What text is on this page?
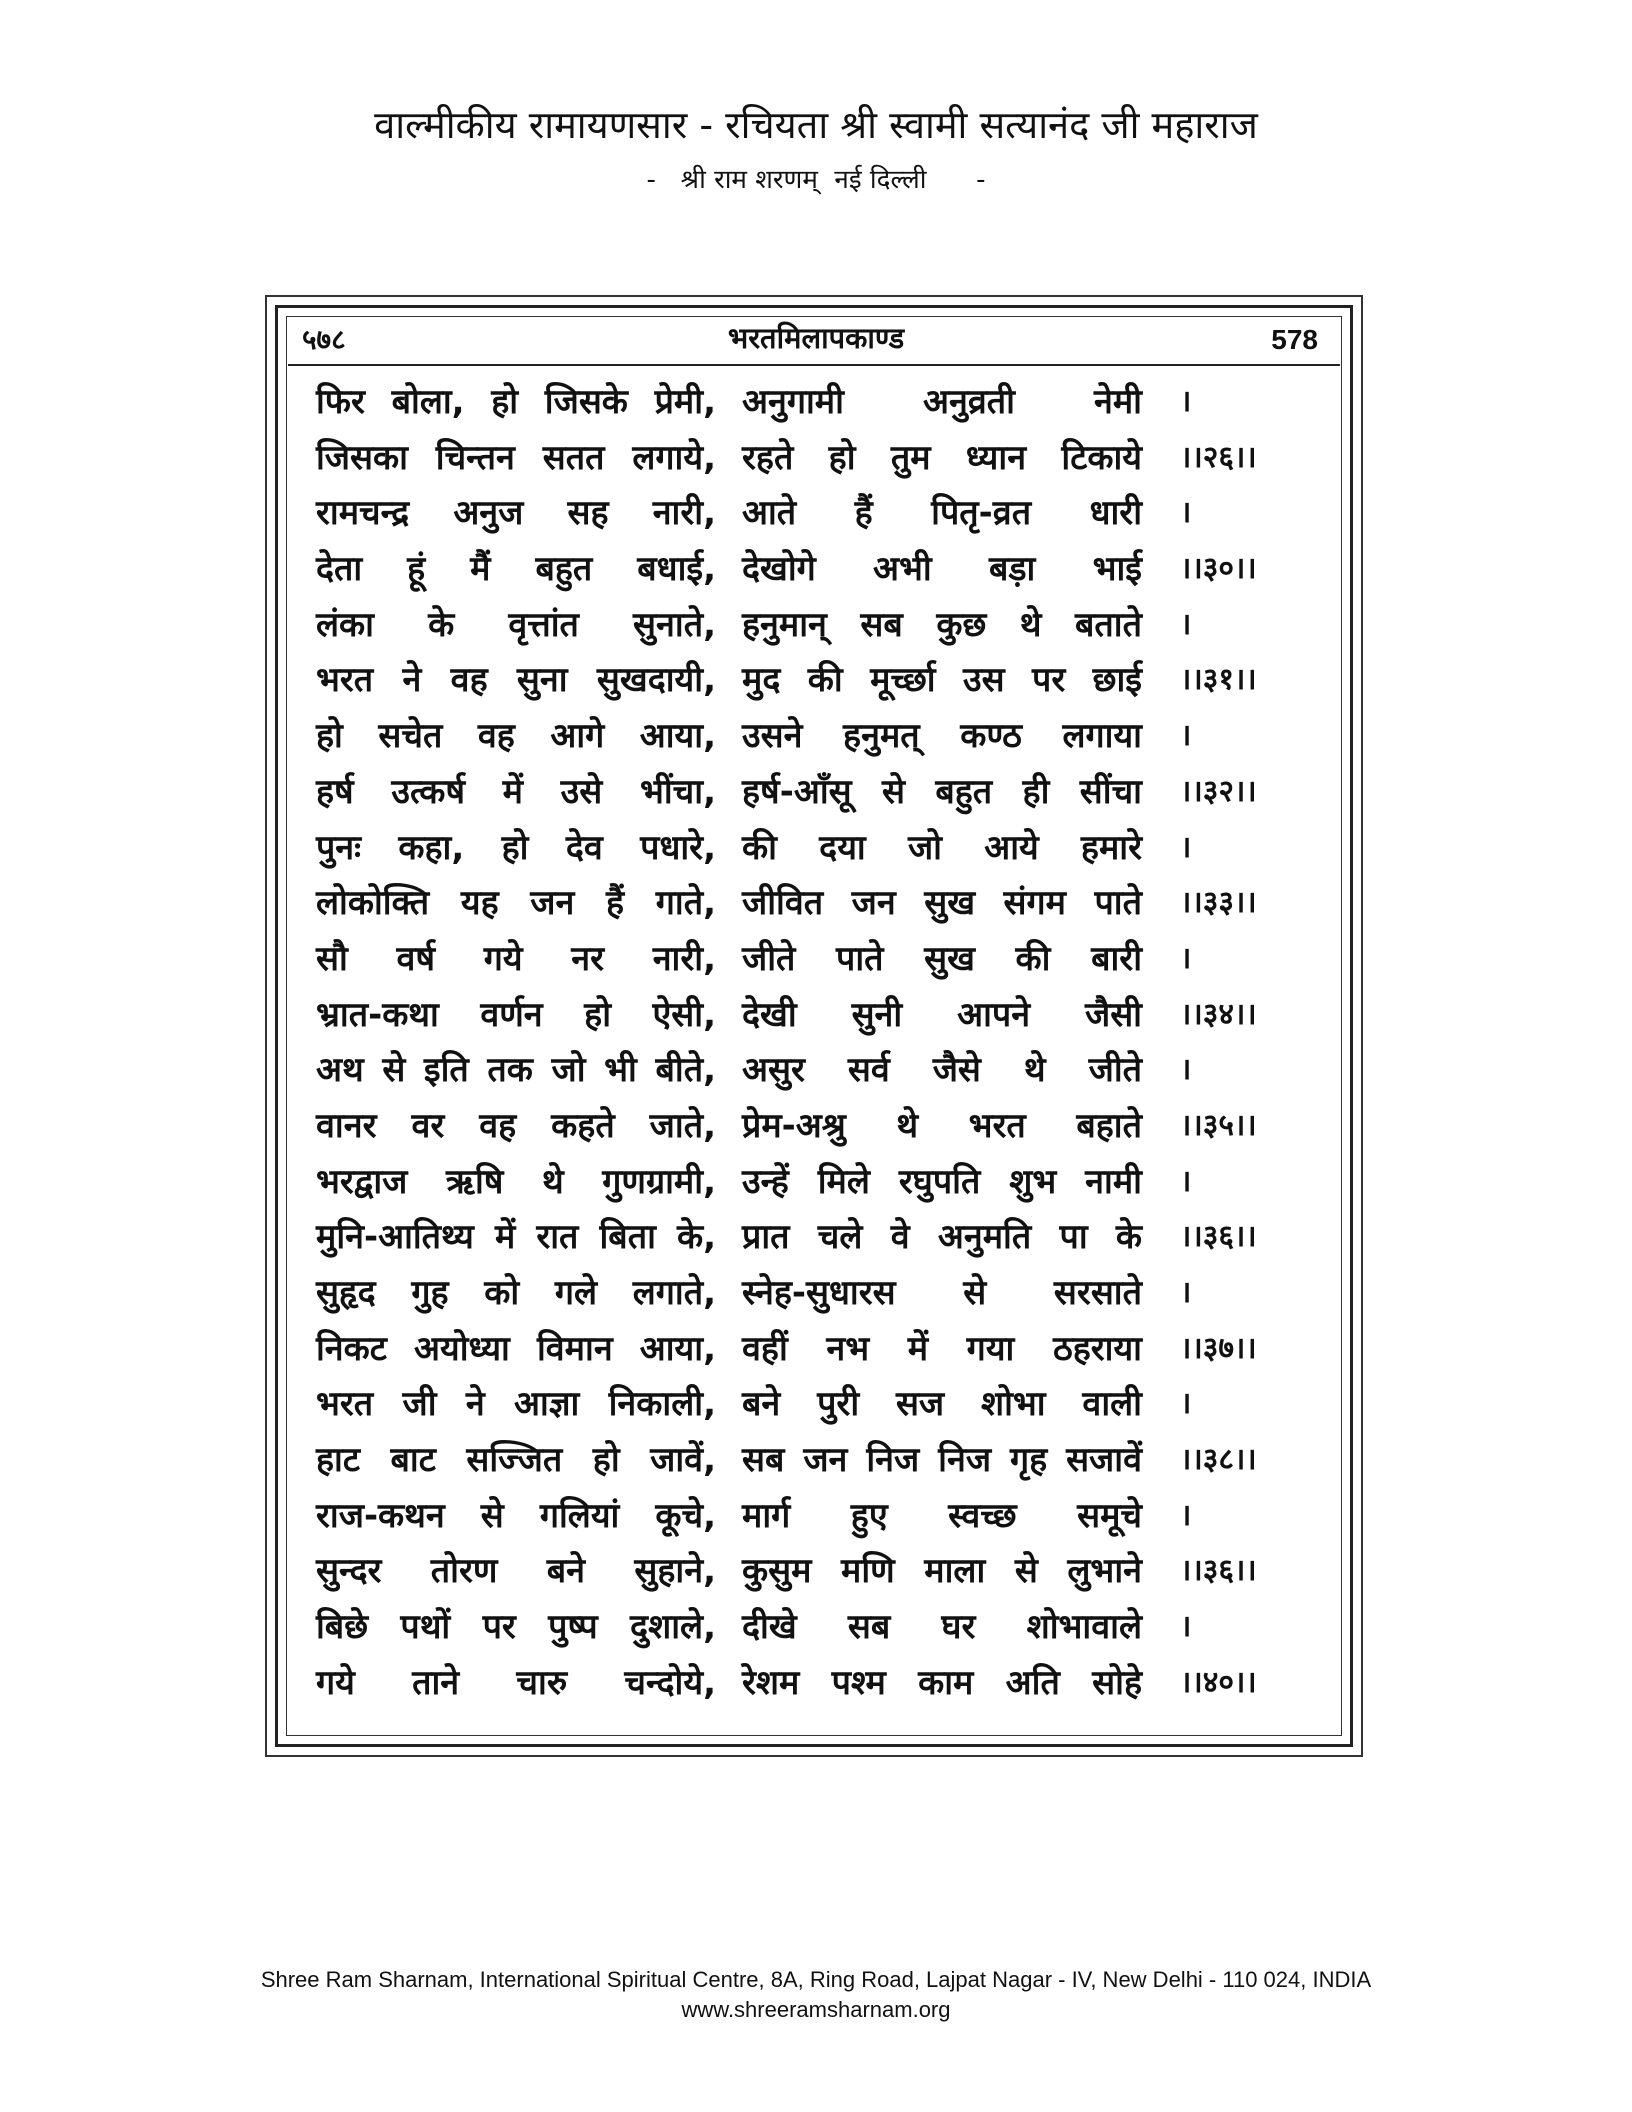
वाल्मीकीय रामायणसार - रचियता श्री स्वामी सत्यानंद जी महाराज
-   श्री राम शरणम्  नई दिल्ली      -
५७८	भरतमिलापकाण्ड	578
फिर बोला, हो जिसके प्रेमी, अनुगामी अनुव्रती नेमी ।
जिसका चिन्तन सतत लगाये, रहते हो तुम ध्यान टिकाये ।।२६।।
रामचन्द्र अनुज सह नारी, आते हैं पितृ-व्रत धारी ।
देता हूं मैं बहुत बधाई, देखोगे अभी बड़ा भाई ।।३०।।
लंका के वृत्तांत सुनाते, हनुमान् सब कुछ थे बताते ।
भरत ने वह सुना सुखदायी, मुद की मूर्च्छा उस पर छाई ।।३१।।
हो सचेत वह आगे आया, उसने हनुमत् कण्ठ लगाया ।
हर्ष उत्कर्ष में उसे भींचा, हर्ष-आँसू से बहुत ही सींचा ।।३२।।
पुनः कहा, हो देव पधारे, की दया जो आये हमारे ।
लोकोक्ति यह जन हैं गाते, जीवित जन सुख संगम पाते ।।३३।।
सौ वर्ष गये नर नारी, जीते पाते सुख की बारी ।
भ्रात-कथा वर्णन हो ऐसी, देखी सुनी आपने जैसी ।।३४।।
अथ से इति तक जो भी बीते, असुर सर्व जैसे थे जीते ।
वानर वर वह कहते जाते, प्रेम-अश्रु थे भरत बहाते ।।३५।।
भरद्वाज ऋषि थे गुणग्रामी, उन्हें मिले रघुपति शुभ नामी ।
मुनि-आतिथ्य में रात बिता के, प्रात चले वे अनुमति पा के ।।३६।।
सुहृद गुह को गले लगाते, स्नेह-सुधारस से सरसाते ।
निकट अयोध्या विमान आया, वहीं नभ में गया ठहराया ।।३७।।
भरत जी ने आज्ञा निकाली, बने पुरी सज शोभा वाली ।
हाट बाट सज्जित हो जावें, सब जन निज निज गृह सजावें ।।३८।।
राज-कथन से गलियां कूचे, मार्ग हुए स्वच्छ समूचे ।
सुन्दर तोरण बने सुहाने, कुसुम मणि माला से लुभाने ।।३६।।
बिछे पथों पर पुष्प दुशाले, दीखे सब घर शोभावाले ।
गये ताने चारु चन्दोये, रेशम पश्म काम अति सोहे ।।४०।।
Shree Ram Sharnam, International Spiritual Centre, 8A, Ring Road, Lajpat Nagar - IV, New Delhi - 110 024, INDIA
www.shreeramsharnam.org
